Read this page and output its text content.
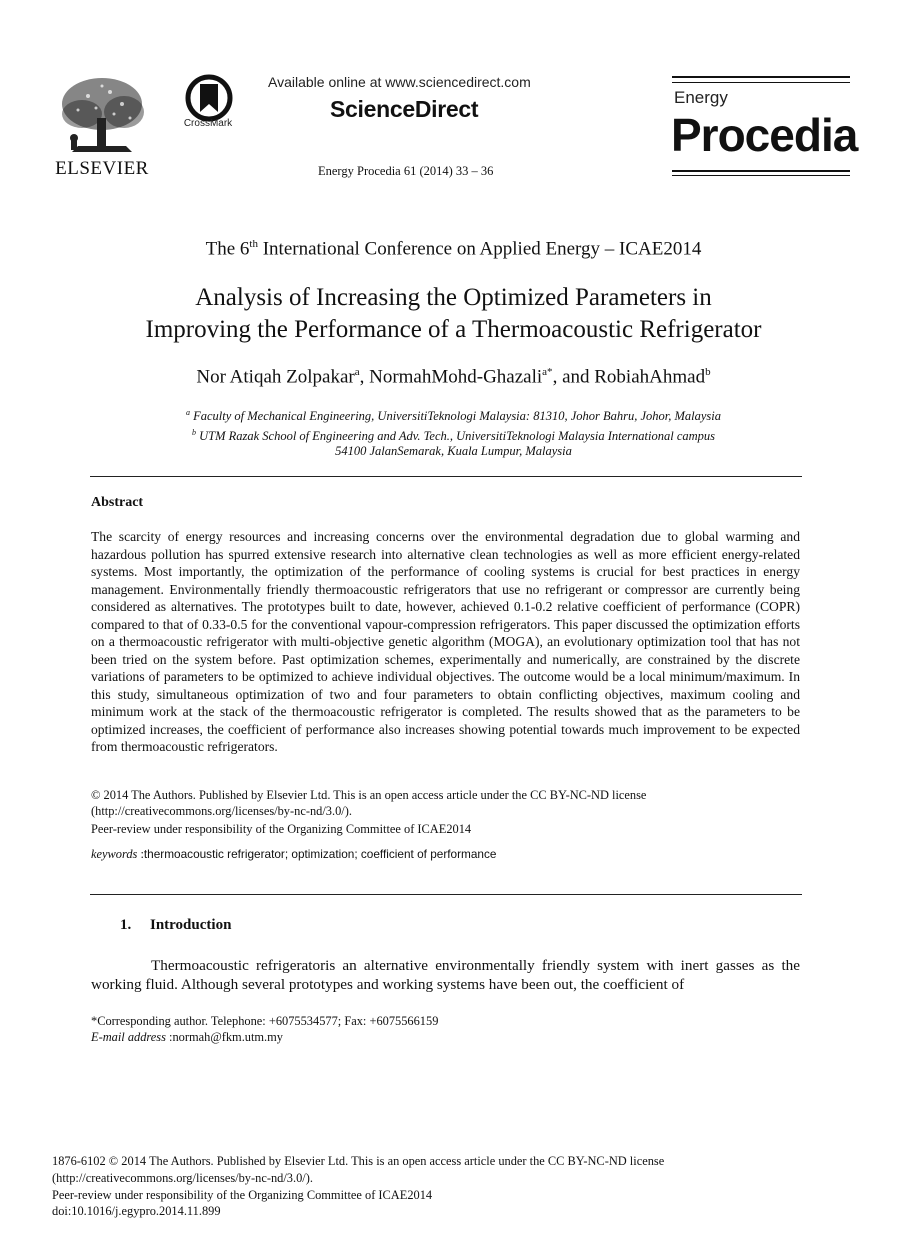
ELSEVIER
CrossMark
Available online at www.sciencedirect.com
ScienceDirect
Energy Procedia 61 (2014) 33 – 36
Energy
Procedia
The 6th International Conference on Applied Energy – ICAE2014
Analysis of Increasing the Optimized Parameters in
Improving the Performance of a Thermoacoustic Refrigerator
Nor Atiqah Zolpakar$^a$, NormahMohd-Ghazali$^{a*}$, and RobiahAhmad$^b$
$^a$ Faculty of Mechanical Engineering, UniversitiTeknologi Malaysia: 81310, Johor Bahru, Johor, Malaysia
$^b$ UTM Razak School of Engineering and Adv. Tech., UniversitiTeknologi Malaysia International campus
54100 JalanSemarak, Kuala Lumpur, Malaysia
Abstract
The scarcity of energy resources and increasing concerns over the environmental degradation due to global warming and hazardous pollution has spurred extensive research into alternative clean technologies as well as more efficient energy-related systems. Most importantly, the optimization of the performance of cooling systems is crucial for best practices in energy management. Environmentally friendly thermoacoustic refrigerators that use no refrigerant or compressor are currently being considered as alternatives. The prototypes built to date, however, achieved 0.1-0.2 relative coefficient of performance (COPR) compared to that of 0.33-0.5 for the conventional vapour-compression refrigerators. This paper discussed the optimization efforts on a thermoacoustic refrigerator with multi-objective genetic algorithm (MOGA), an evolutionary optimization tool that has not been tried on the system before. Past optimization schemes, experimentally and numerically, are constrained by the discrete variations of parameters to be optimized to achieve individual objectives. The outcome would be a local minimum/maximum. In this study, simultaneous optimization of two and four parameters to obtain conflicting objectives, maximum cooling and minimum work at the stack of the thermoacoustic refrigerator is completed. The results showed that as the parameters to be optimized increases, the coefficient of performance also increases showing potential towards much improvement to be expected from thermoacoustic refrigerators.
© 2014 The Authors. Published by Elsevier Ltd. This is an open access article under the CC BY-NC-ND license
(http://creativecommons.org/licenses/by-nc-nd/3.0/).
Peer-review under responsibility of the Organizing Committee of ICAE2014
keywords :thermoacoustic refrigerator; optimization; coefficient of performance
1. Introduction
Thermoacoustic refrigeratoris an alternative environmentally friendly system with inert gasses as the working fluid. Although several prototypes and working systems have been out, the coefficient of
*Corresponding author. Telephone: +6075534577; Fax: +6075566159
E-mail address :normah@fkm.utm.my
1876-6102 © 2014 The Authors. Published by Elsevier Ltd. This is an open access article under the CC BY-NC-ND license
(http://creativecommons.org/licenses/by-nc-nd/3.0/).
Peer-review under responsibility of the Organizing Committee of ICAE2014
doi:10.1016/j.egypro.2014.11.899
